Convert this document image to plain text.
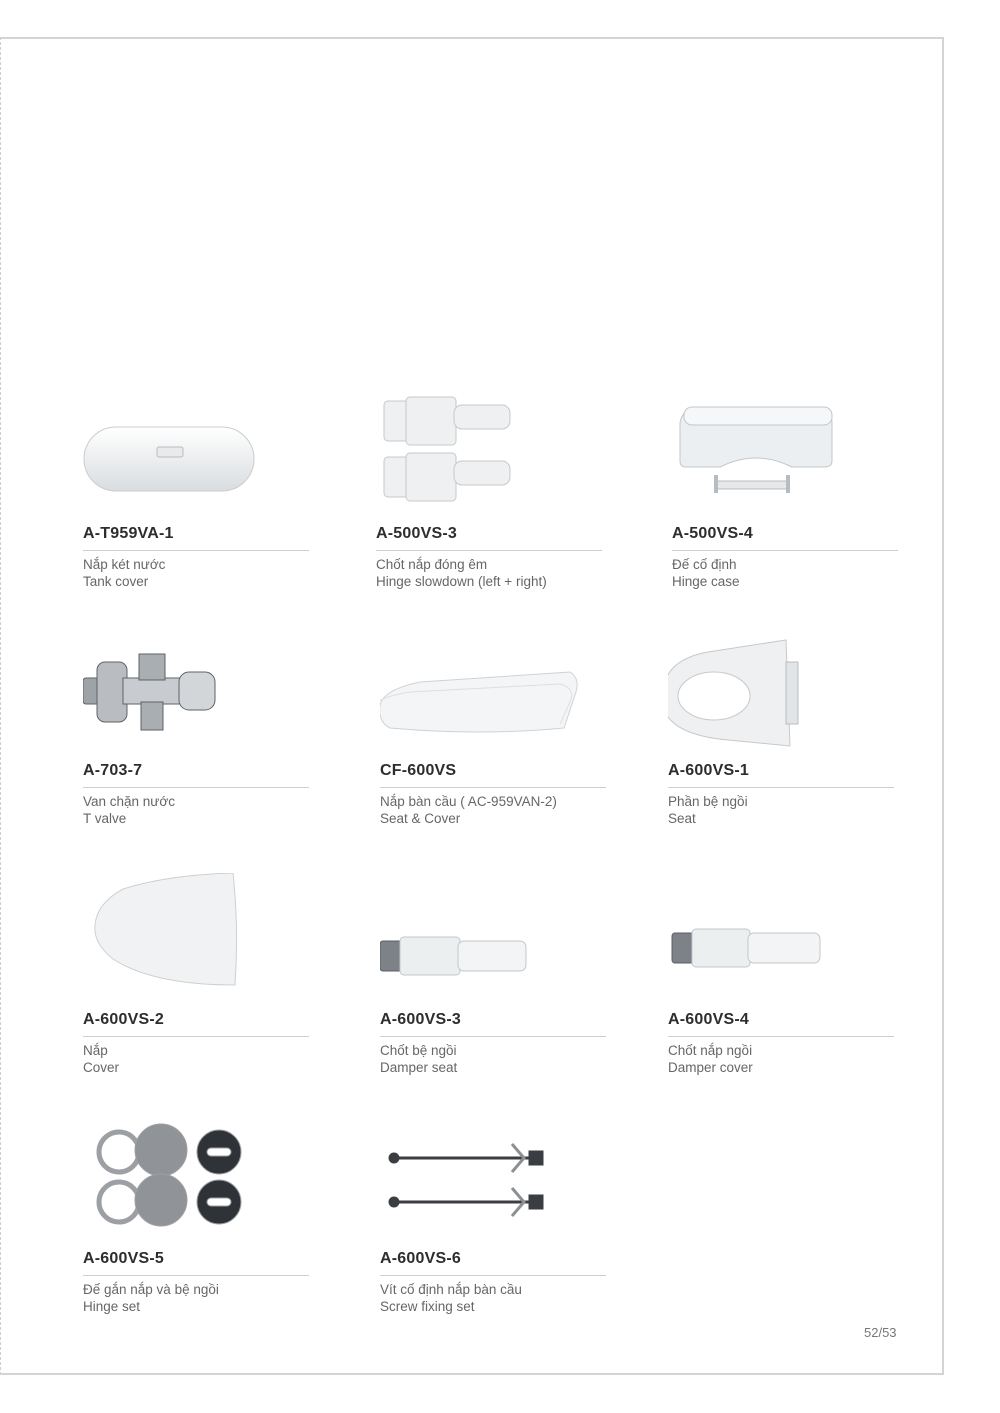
A-T959VA-1
Nắp két nước
Tank cover
A-500VS-3
Chốt nắp đóng êm
Hinge slowdown (left + right)
A-500VS-4
Đế cố định
Hinge case
A-703-7
Van chặn nước
T valve
CF-600VS
Nắp bàn cầu ( AC-959VAN-2)
Seat & Cover
A-600VS-1
Phần bệ ngồi
Seat
A-600VS-2
Nắp
Cover
A-600VS-3
Chốt bệ ngồi
Damper seat
A-600VS-4
Chốt nắp ngồi
Damper cover
A-600VS-5
Đế gắn nắp và bệ ngồi
Hinge set
A-600VS-6
Vít cố định nắp bàn cầu
Screw fixing set
52/53
